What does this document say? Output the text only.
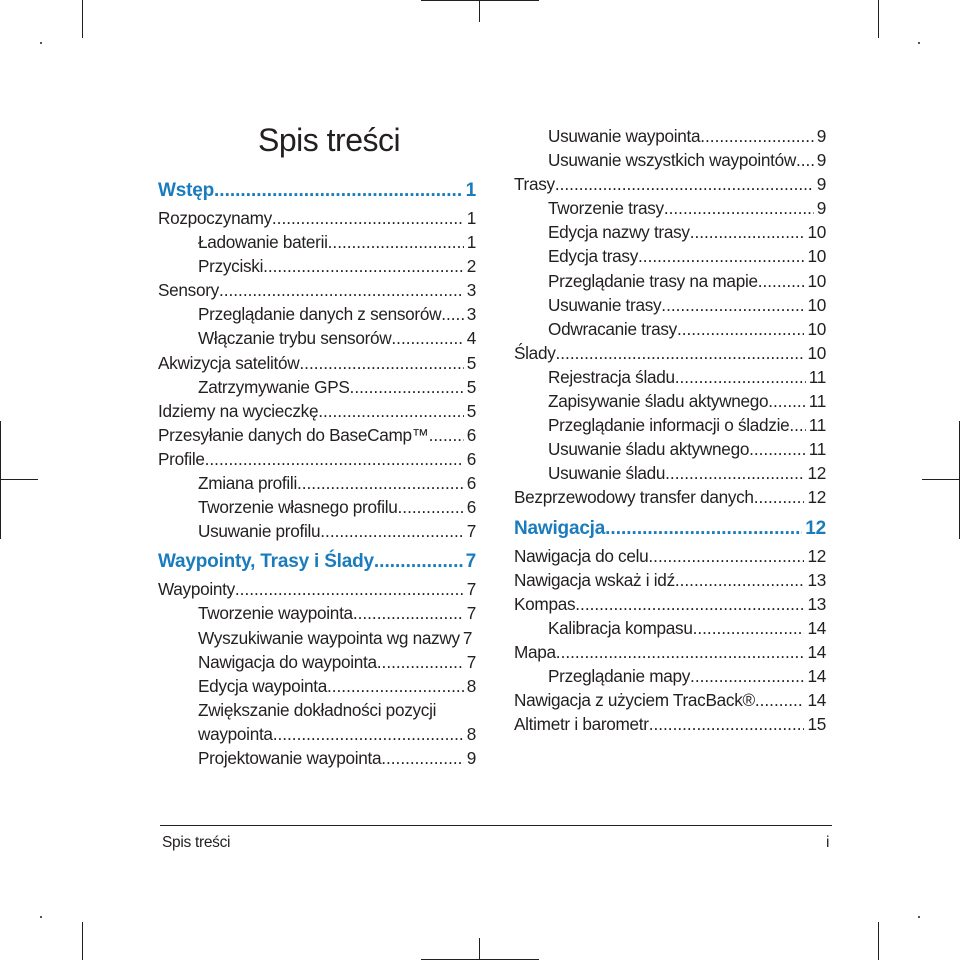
Spis treści
Wstęp .....	1
Rozpoczynamy .....	1
Ładowanie baterii .....	1
Przyciski .....	2
Sensory .....	3
Przeglądanie danych z sensorów ..... 3
Włączanie trybu sensorów .....	4
Akwizycja satelitów .....	5
Zatrzymywanie GPS .....	5
Idziemy na wycieczkę .....	5
Przesyłanie danych do BaseCamp™ ..... 6
Profile .....	6
Zmiana profili .....	6
Tworzenie własnego profilu .....	6
Usuwanie profilu .....	7
Waypointy, Trasy i Ślady .....	7
Waypointy .....	7
Tworzenie waypointa .....	7
Wyszukiwanie waypointa wg nazwy 7
Nawigacja do waypointa .....	7
Edycja waypointa .....	8
Zwiększanie dokładności pozycji
waypointa .....	8
Projektowanie waypointa .....	9
Usuwanie waypointa .....	9
Usuwanie wszystkich waypointów ..... 9
Trasy .....	9
Tworzenie trasy .....	9
Edycja nazwy trasy .....	10
Edycja trasy .....	10
Przeglądanie trasy na mapie .....	10
Usuwanie trasy .....	10
Odwracanie trasy .....	10
Ślady .....	10
Rejestracja śladu .....	11
Zapisywanie śladu aktywnego ..... 11
Przeglądanie informacji o śladzie ..... 11
Usuwanie śladu aktywnego .....	11
Usuwanie śladu .....	12
Bezprzewodowy transfer danych .....	12
Nawigacja .....	12
Nawigacja do celu .....	12
Nawigacja wskaż i idź .....	13
Kompas .....	13
Kalibracja kompasu .....	14
Mapa .....	14
Przeglądanie mapy .....	14
Nawigacja z użyciem TracBack® .....	14
Altimetr i barometr .....	15
Spis treści	i
